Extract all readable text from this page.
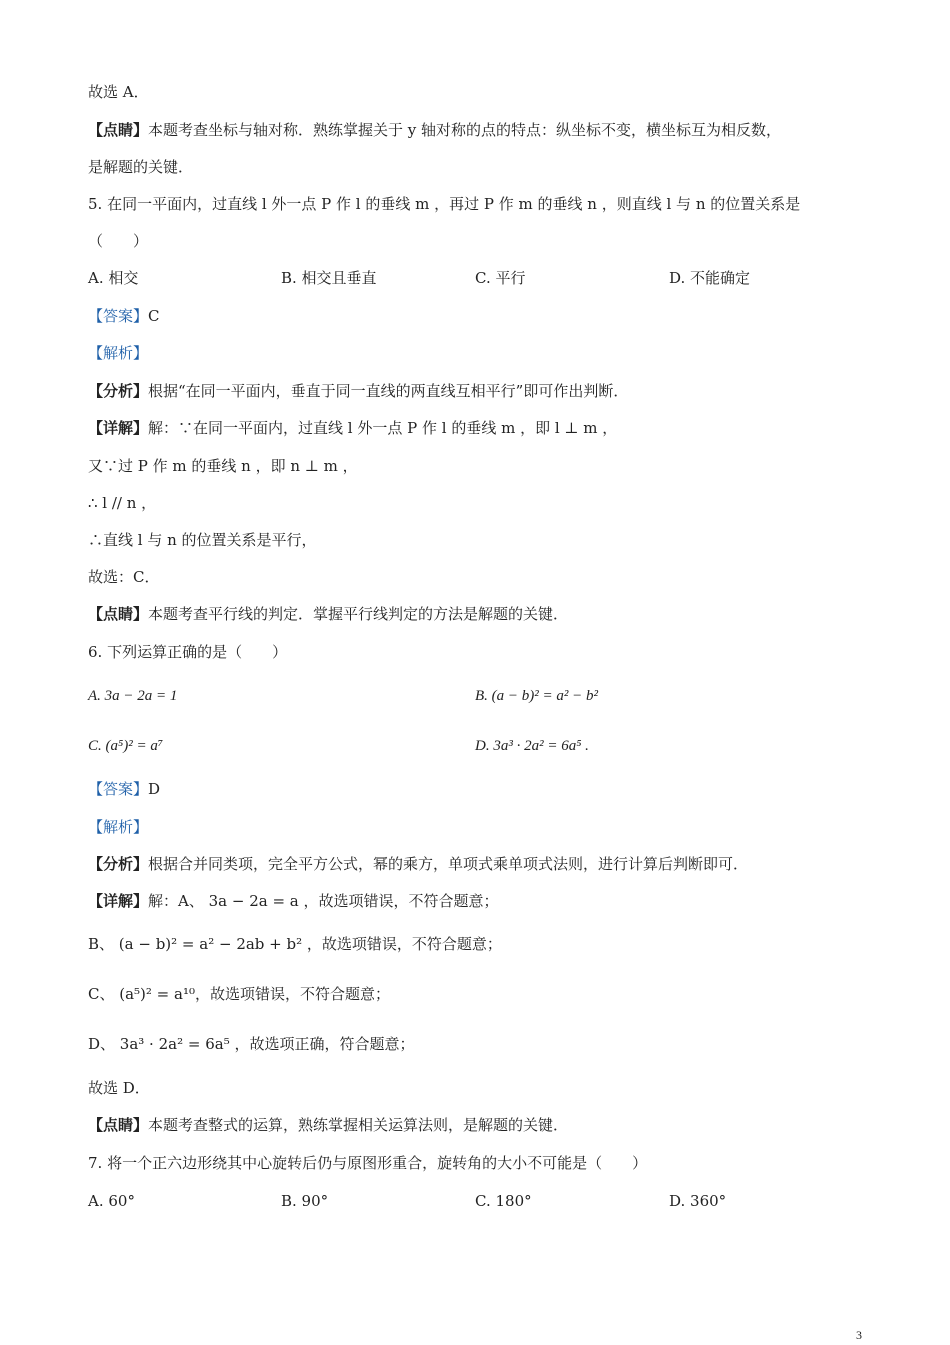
故选 A．
【点睛】本题考查坐标与轴对称．熟练掌握关于 y 轴对称的点的特点：纵坐标不变，横坐标互为相反数，
是解题的关键．
5. 在同一平面内，过直线 l 外一点 P 作 l 的垂线 m ，再过 P 作 m 的垂线 n ，则直线 l 与 n 的位置关系是
（　　）
A. 相交	B. 相交且垂直	C. 平行	D. 不能确定
【答案】C
【解析】
【分析】根据“在同一平面内，垂直于同一直线的两直线互相平行”即可作出判断．
【详解】解：∵在同一平面内，过直线 l 外一点 P 作 l 的垂线 m ，即 l ⊥ m ，
又∵过 P 作 m 的垂线 n ，即 n ⊥ m ，
∴ l // n ，
∴直线 l 与 n 的位置关系是平行，
故选：C．
【点睛】本题考查平行线的判定．掌握平行线判定的方法是解题的关键．
6. 下列运算正确的是（　　）
A. 3a − 2a = 1	B. (a − b)² = a² − b²
C. (a⁵)² = a⁷	D. 3a³ · 2a² = 6a⁵ .
【答案】D
【解析】
【分析】根据合并同类项，完全平方公式，幂的乘方，单项式乘单项式法则，进行计算后判断即可．
【详解】解：A、 3a − 2a = a ，故选项错误，不符合题意；
B、 (a − b)² = a² − 2ab + b² ，故选项错误，不符合题意；
C、 (a⁵)² = a¹⁰，故选项错误，不符合题意；
D、 3a³ · 2a² = 6a⁵ ，故选项正确，符合题意；
故选 D．
【点睛】本题考查整式的运算，熟练掌握相关运算法则，是解题的关键．
7. 将一个正六边形绕其中心旋转后仍与原图形重合，旋转角的大小不可能是（　　）
A. 60°	B. 90°	C. 180°	D. 360°
3
